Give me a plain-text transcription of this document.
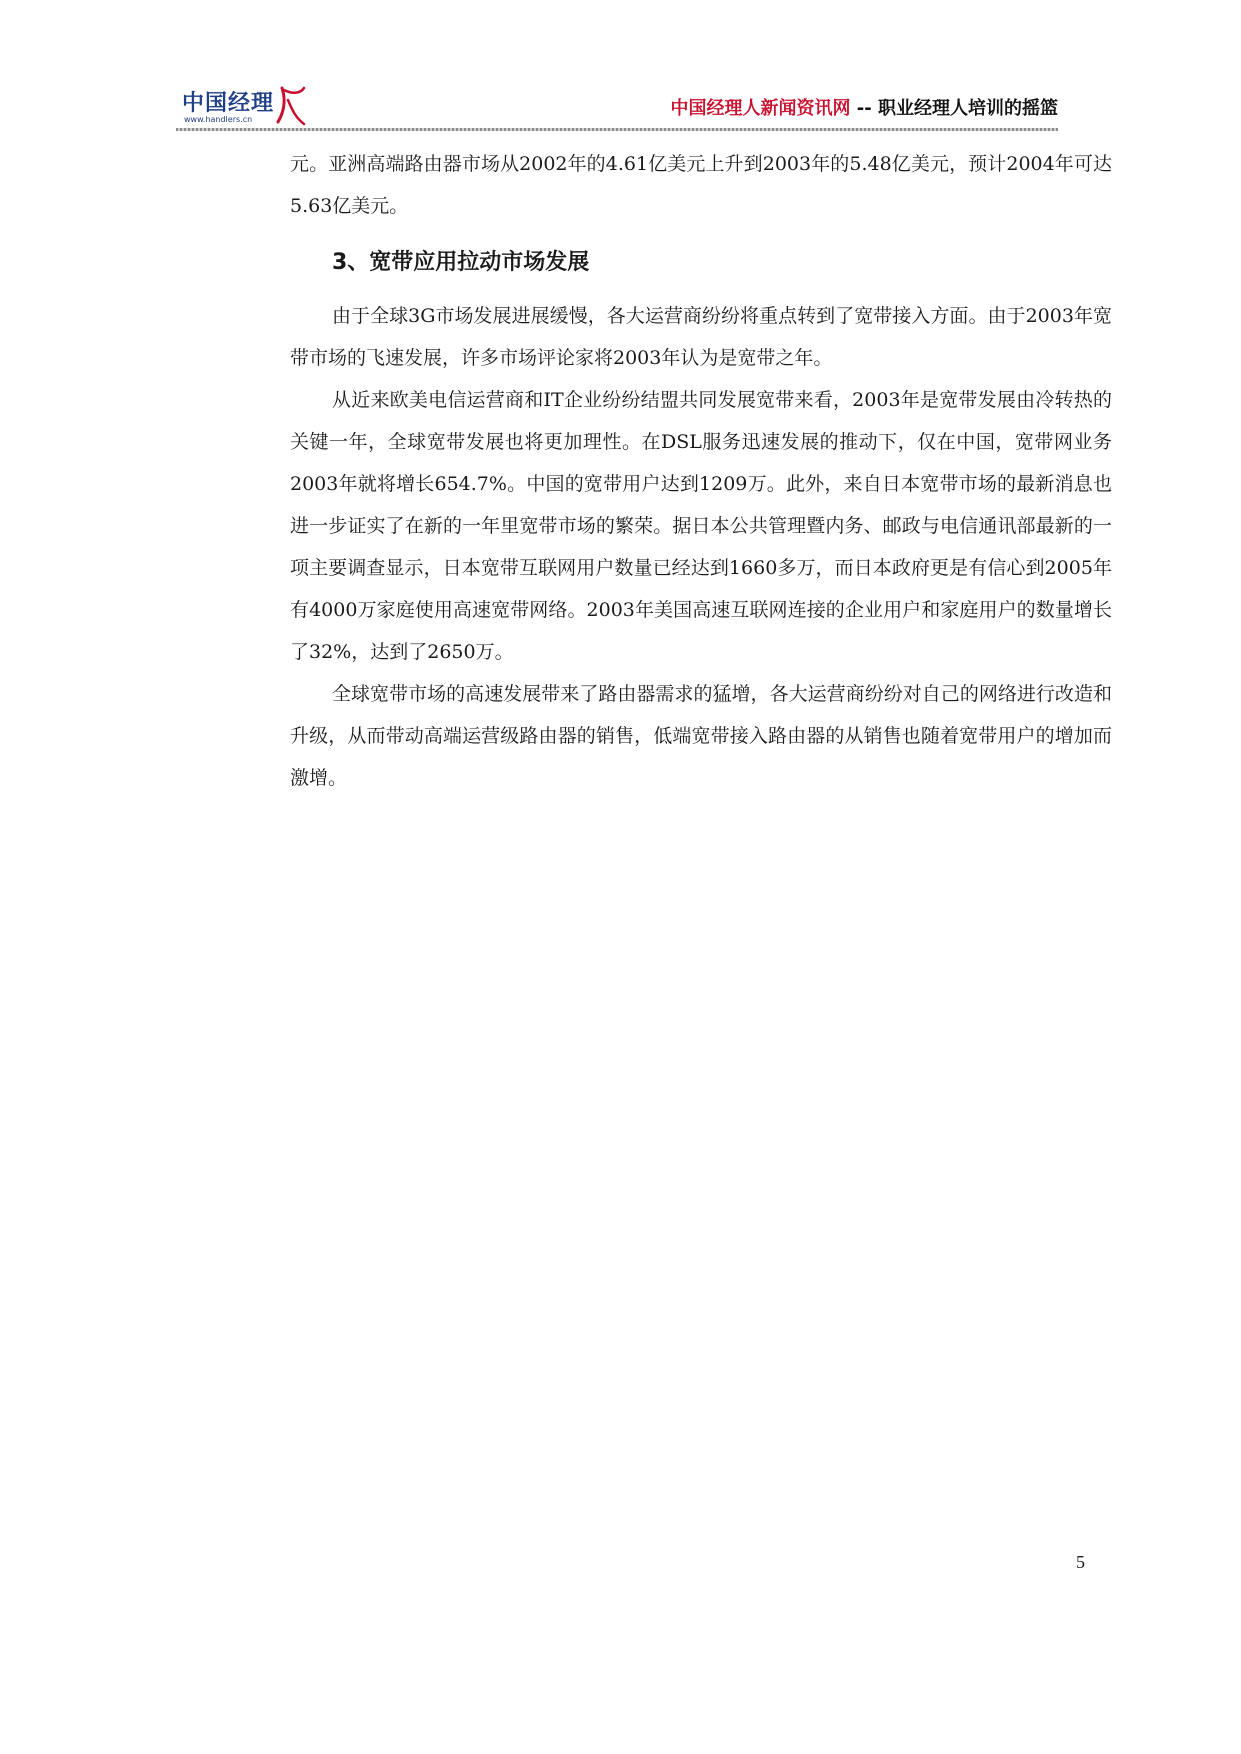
中国经理
www.handlers.cn
中国经理人新闻资讯网 -- 职业经理人培训的摇篮

元。亚洲高端路由器市场从2002年的4.61亿美元上升到2003年的5.48亿美元，预计2004年可达5.63亿美元。

3、宽带应用拉动市场发展

由于全球3G市场发展进展缓慢，各大运营商纷纷将重点转到了宽带接入方面。由于2003年宽带市场的飞速发展，许多市场评论家将2003年认为是宽带之年。

从近来欧美电信运营商和IT企业纷纷结盟共同发展宽带来看，2003年是宽带发展由冷转热的关键一年，全球宽带发展也将更加理性。在DSL服务迅速发展的推动下，仅在中国，宽带网业务2003年就将增长654.7%。中国的宽带用户达到1209万。此外，来自日本宽带市场的最新消息也进一步证实了在新的一年里宽带市场的繁荣。据日本公共管理暨内务、邮政与电信通讯部最新的一项主要调查显示，日本宽带互联网用户数量已经达到1660多万，而日本政府更是有信心到2005年有4000万家庭使用高速宽带网络。2003年美国高速互联网连接的企业用户和家庭用户的数量增长了32%，达到了2650万。

全球宽带市场的高速发展带来了路由器需求的猛增，各大运营商纷纷对自己的网络进行改造和升级，从而带动高端运营级路由器的销售，低端宽带接入路由器的从销售也随着宽带用户的增加而激增。

5
